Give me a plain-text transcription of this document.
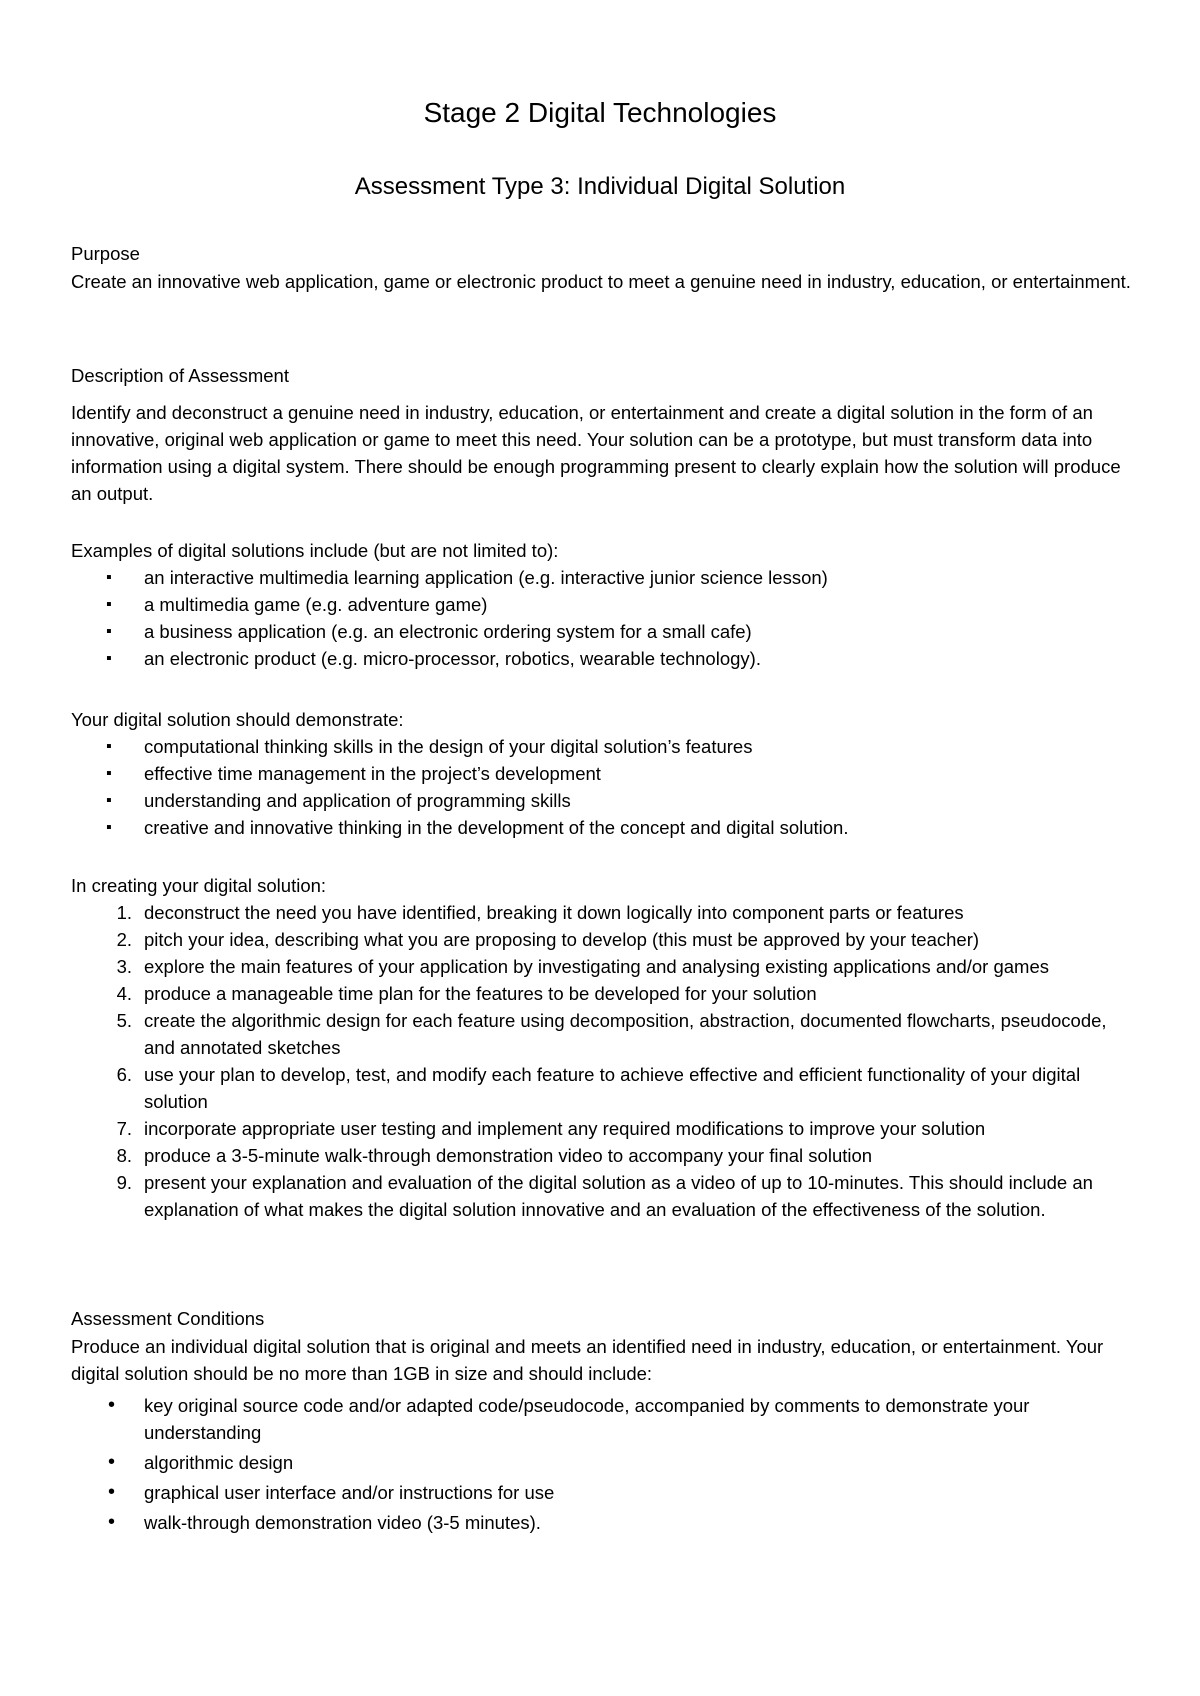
Stage 2 Digital Technologies
Assessment Type 3: Individual Digital Solution
Purpose
Create an innovative web application, game or electronic product to meet a genuine need in industry, education, or entertainment.
Description of Assessment
Identify and deconstruct a genuine need in industry, education, or entertainment and create a digital solution in the form of an innovative, original web application or game to meet this need. Your solution can be a prototype, but must transform data into information using a digital system. There should be enough programming present to clearly explain how the solution will produce an output.

Examples of digital solutions include (but are not limited to):

▪ an interactive multimedia learning application (e.g. interactive junior science lesson)
▪ a multimedia game (e.g. adventure game)
▪ a business application (e.g. an electronic ordering system for a small cafe)
▪ an electronic product (e.g. micro-processor, robotics, wearable technology).

Your digital solution should demonstrate:

▪ computational thinking skills in the design of your digital solution’s features
▪ effective time management in the project’s development
▪ understanding and application of programming skills
▪ creative and innovative thinking in the development of the concept and digital solution.

In creating your digital solution:

1. deconstruct the need you have identified, breaking it down logically into component parts or features
2. pitch your idea, describing what you are proposing to develop (this must be approved by your teacher)
3. explore the main features of your application by investigating and analysing existing applications and/or games
4. produce a manageable time plan for the features to be developed for your solution
5. create the algorithmic design for each feature using decomposition, abstraction, documented flowcharts, pseudocode, and annotated sketches
6. use your plan to develop, test, and modify each feature to achieve effective and efficient functionality of your digital solution
7. incorporate appropriate user testing and implement any required modifications to improve your solution
8. produce a 3-5-minute walk-through demonstration video to accompany your final solution
9. present your explanation and evaluation of the digital solution as a video of up to 10-minutes. This should include an explanation of what makes the digital solution innovative and an evaluation of the effectiveness of the solution.
Assessment Conditions
Produce an individual digital solution that is original and meets an identified need in industry, education, or entertainment. Your digital solution should be no more than 1GB in size and should include:
• key original source code and/or adapted code/pseudocode, accompanied by comments to demonstrate your understanding
• algorithmic design
• graphical user interface and/or instructions for use
• walk-through demonstration video (3-5 minutes).
